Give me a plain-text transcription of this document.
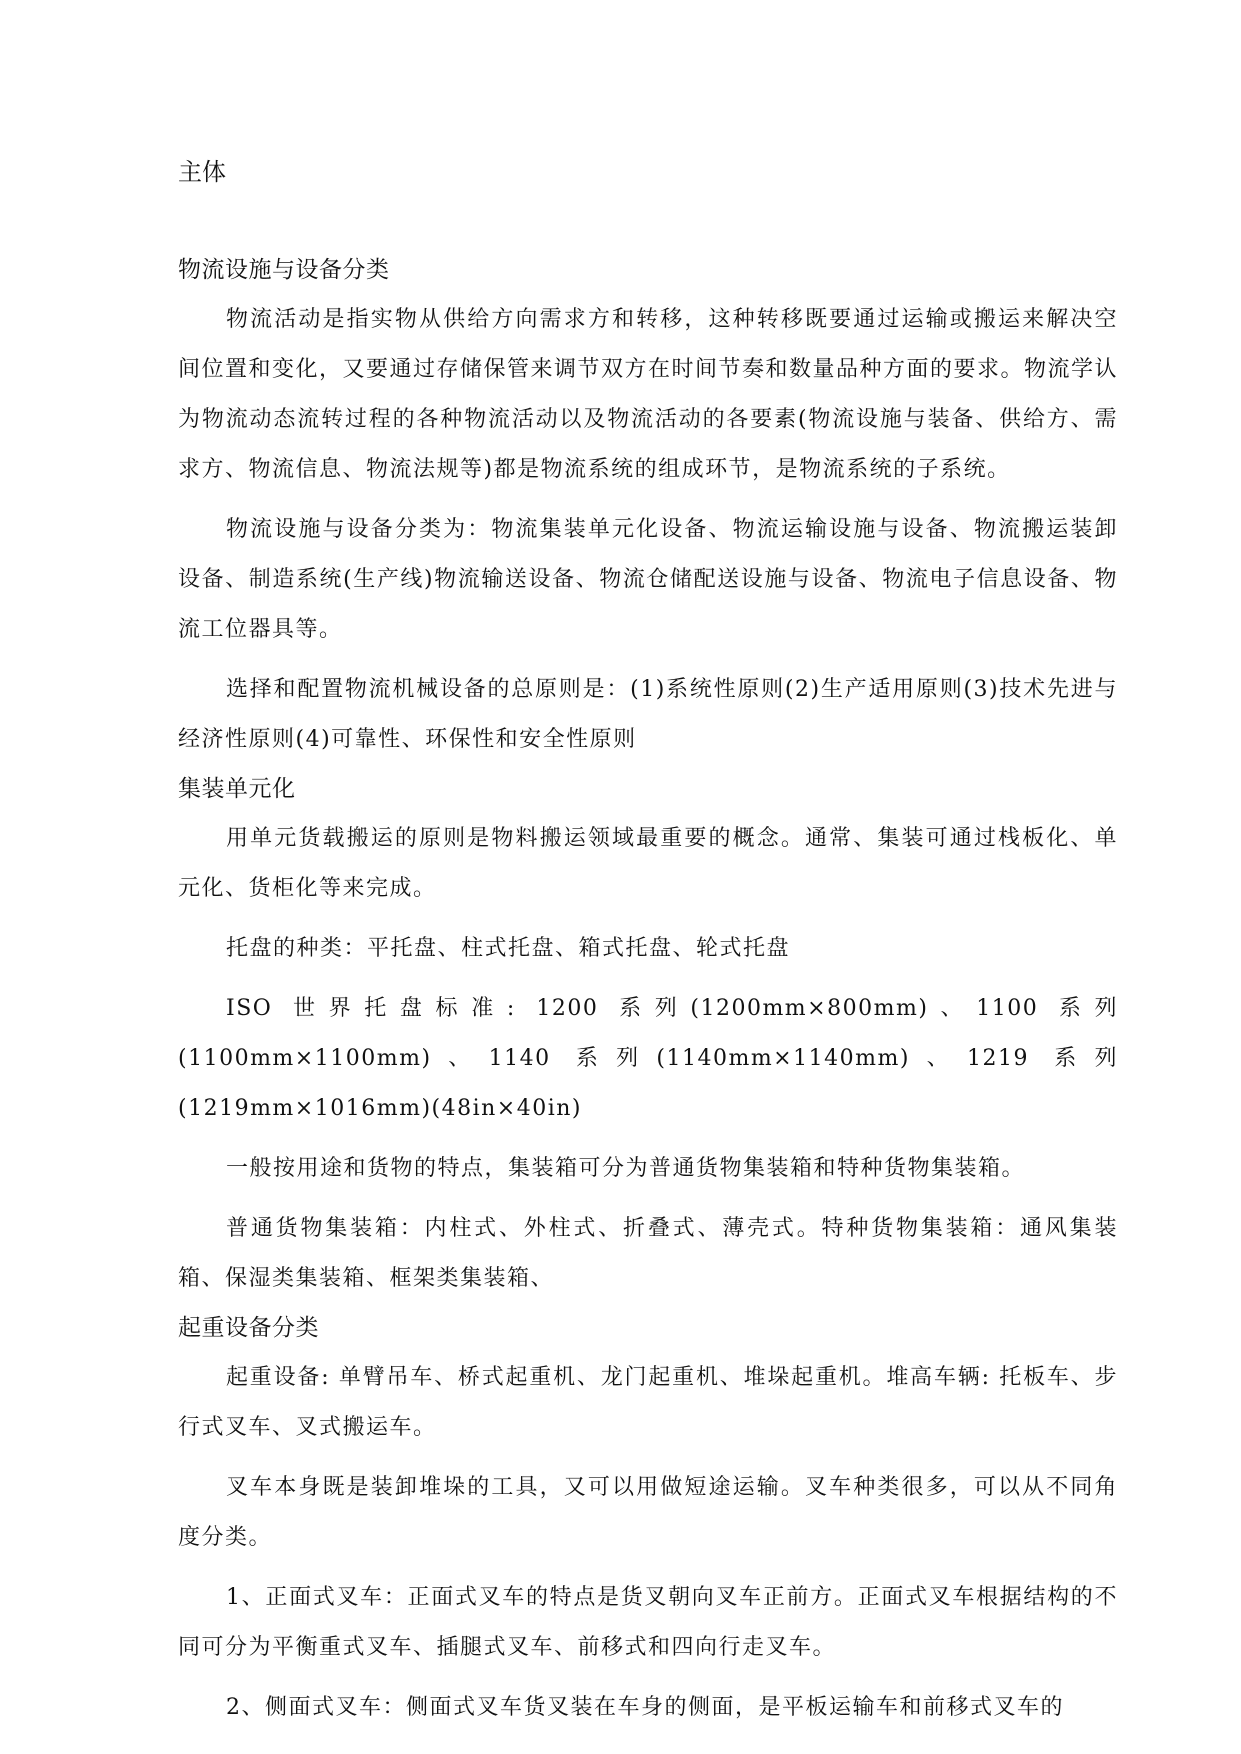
主体
物流设施与设备分类

物流活动是指实物从供给方向需求方和转移，这种转移既要通过运输或搬运来解决空间位置和变化，又要通过存储保管来调节双方在时间节奏和数量品种方面的要求。物流学认为物流动态流转过程的各种物流活动以及物流活动的各要素(物流设施与装备、供给方、需求方、物流信息、物流法规等)都是物流系统的组成环节，是物流系统的子系统。

物流设施与设备分类为：物流集装单元化设备、物流运输设施与设备、物流搬运装卸设备、制造系统(生产线)物流输送设备、物流仓储配送设施与设备、物流电子信息设备、物流工位器具等。

选择和配置物流机械设备的总原则是：(1)系统性原则(2)生产适用原则(3)技术先进与经济性原则(4)可靠性、环保性和安全性原则

集装单元化

用单元货载搬运的原则是物料搬运领域最重要的概念。通常、集装可通过栈板化、单元化、货柜化等来完成。

托盘的种类：平托盘、柱式托盘、箱式托盘、轮式托盘

ISO 世界托盘标准: 1200 系列(1200mm×800mm)、1100 系列(1100mm×1100mm)、1140 系列(1140mm×1140mm)、1219 系列(1219mm×1016mm)(48in×40in)

一般按用途和货物的特点，集装箱可分为普通货物集装箱和特种货物集装箱。

普通货物集装箱：内柱式、外柱式、折叠式、薄壳式。特种货物集装箱：通风集装箱、保湿类集装箱、框架类集装箱、

起重设备分类

起重设备: 单臂吊车、桥式起重机、龙门起重机、堆垛起重机。堆高车辆: 托板车、步行式叉车、叉式搬运车。

叉车本身既是装卸堆垛的工具，又可以用做短途运输。叉车种类很多，可以从不同角度分类。

1、正面式叉车：正面式叉车的特点是货叉朝向叉车正前方。正面式叉车根据结构的不同可分为平衡重式叉车、插腿式叉车、前移式和四向行走叉车。

2、侧面式叉车：侧面式叉车货叉装在车身的侧面，是平板运输车和前移式叉车的
